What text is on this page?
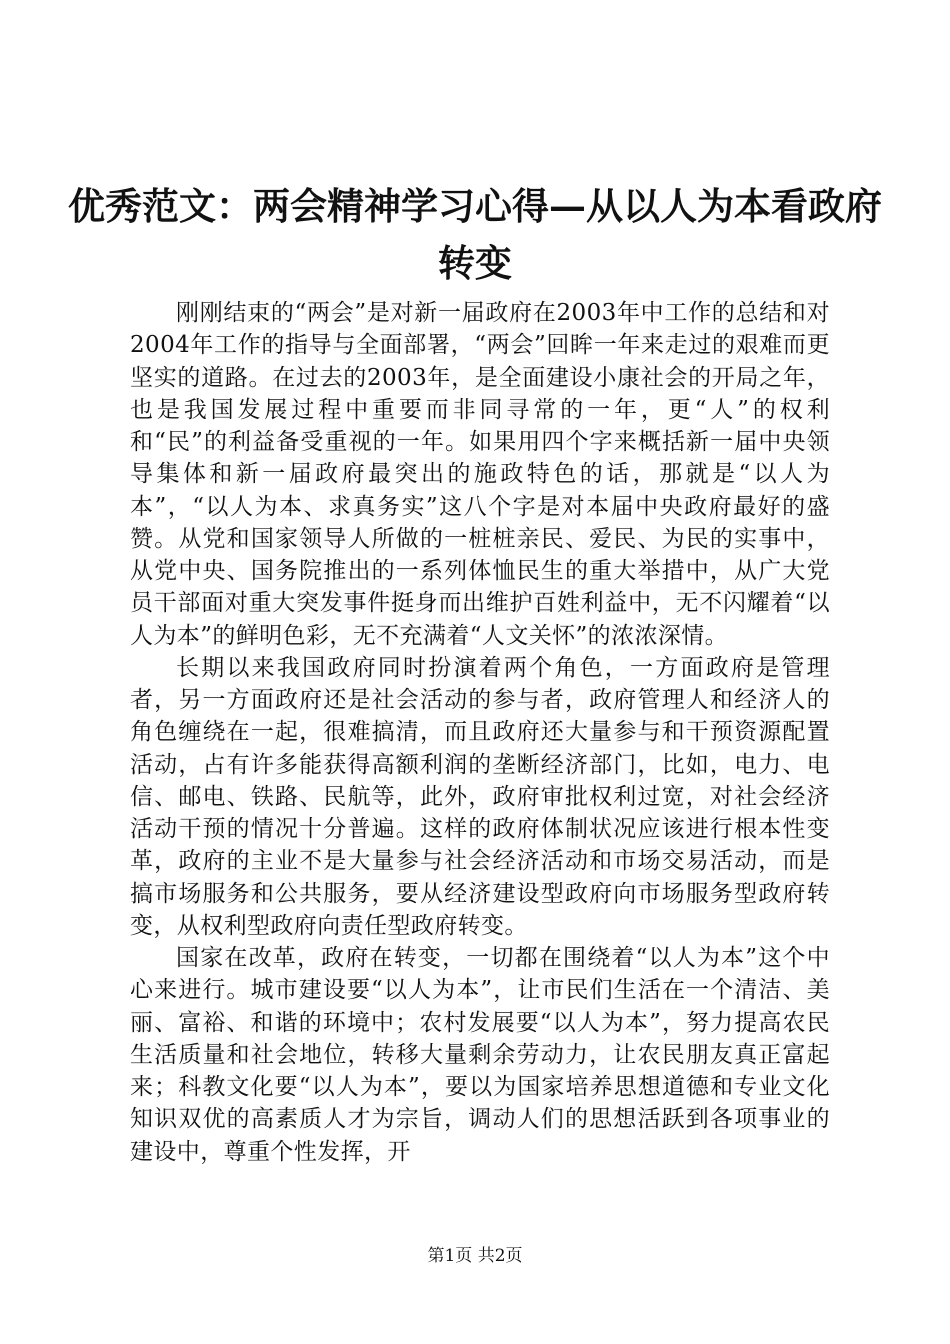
优秀范文：两会精神学习心得—从以人为本看政府转变

刚刚结束的“两会”是对新一届政府在2003年中工作的总结和对2004年工作的指导与全面部署，“两会”回眸一年来走过的艰难而更坚实的道路。在过去的2003年，是全面建设小康社会的开局之年，也是我国发展过程中重要而非同寻常的一年，更“人”的权利和“民”的利益备受重视的一年。如果用四个字来概括新一届中央领导集体和新一届政府最突出的施政特色的话，那就是“以人为本”，“以人为本、求真务实”这八个字是对本届中央政府最好的盛赞。从党和国家领导人所做的一桩桩亲民、爱民、为民的实事中，从党中央、国务院推出的一系列体恤民生的重大举措中，从广大党员干部面对重大突发事件挺身而出维护百姓利益中，无不闪耀着“以人为本”的鲜明色彩，无不充满着“人文关怀”的浓浓深情。

长期以来我国政府同时扮演着两个角色，一方面政府是管理者，另一方面政府还是社会活动的参与者，政府管理人和经济人的角色缠绕在一起，很难搞清，而且政府还大量参与和干预资源配置活动，占有许多能获得高额利润的垄断经济部门，比如，电力、电信、邮电、铁路、民航等，此外，政府审批权利过宽，对社会经济活动干预的情况十分普遍。这样的政府体制状况应该进行根本性变革，政府的主业不是大量参与社会经济活动和市场交易活动，而是搞市场服务和公共服务，要从经济建设型政府向市场服务型政府转变，从权利型政府向责任型政府转变。

国家在改革，政府在转变，一切都在围绕着“以人为本”这个中心来进行。城市建设要“以人为本”，让市民们生活在一个清洁、美丽、富裕、和谐的环境中；农村发展要“以人为本”，努力提高农民生活质量和社会地位，转移大量剩余劳动力，让农民朋友真正富起来；科教文化要“以人为本”，要以为国家培养思想道德和专业文化知识双优的高素质人才为宗旨，调动人们的思想活跃到各项事业的建设中，尊重个性发挥，开

第1页 共2页
